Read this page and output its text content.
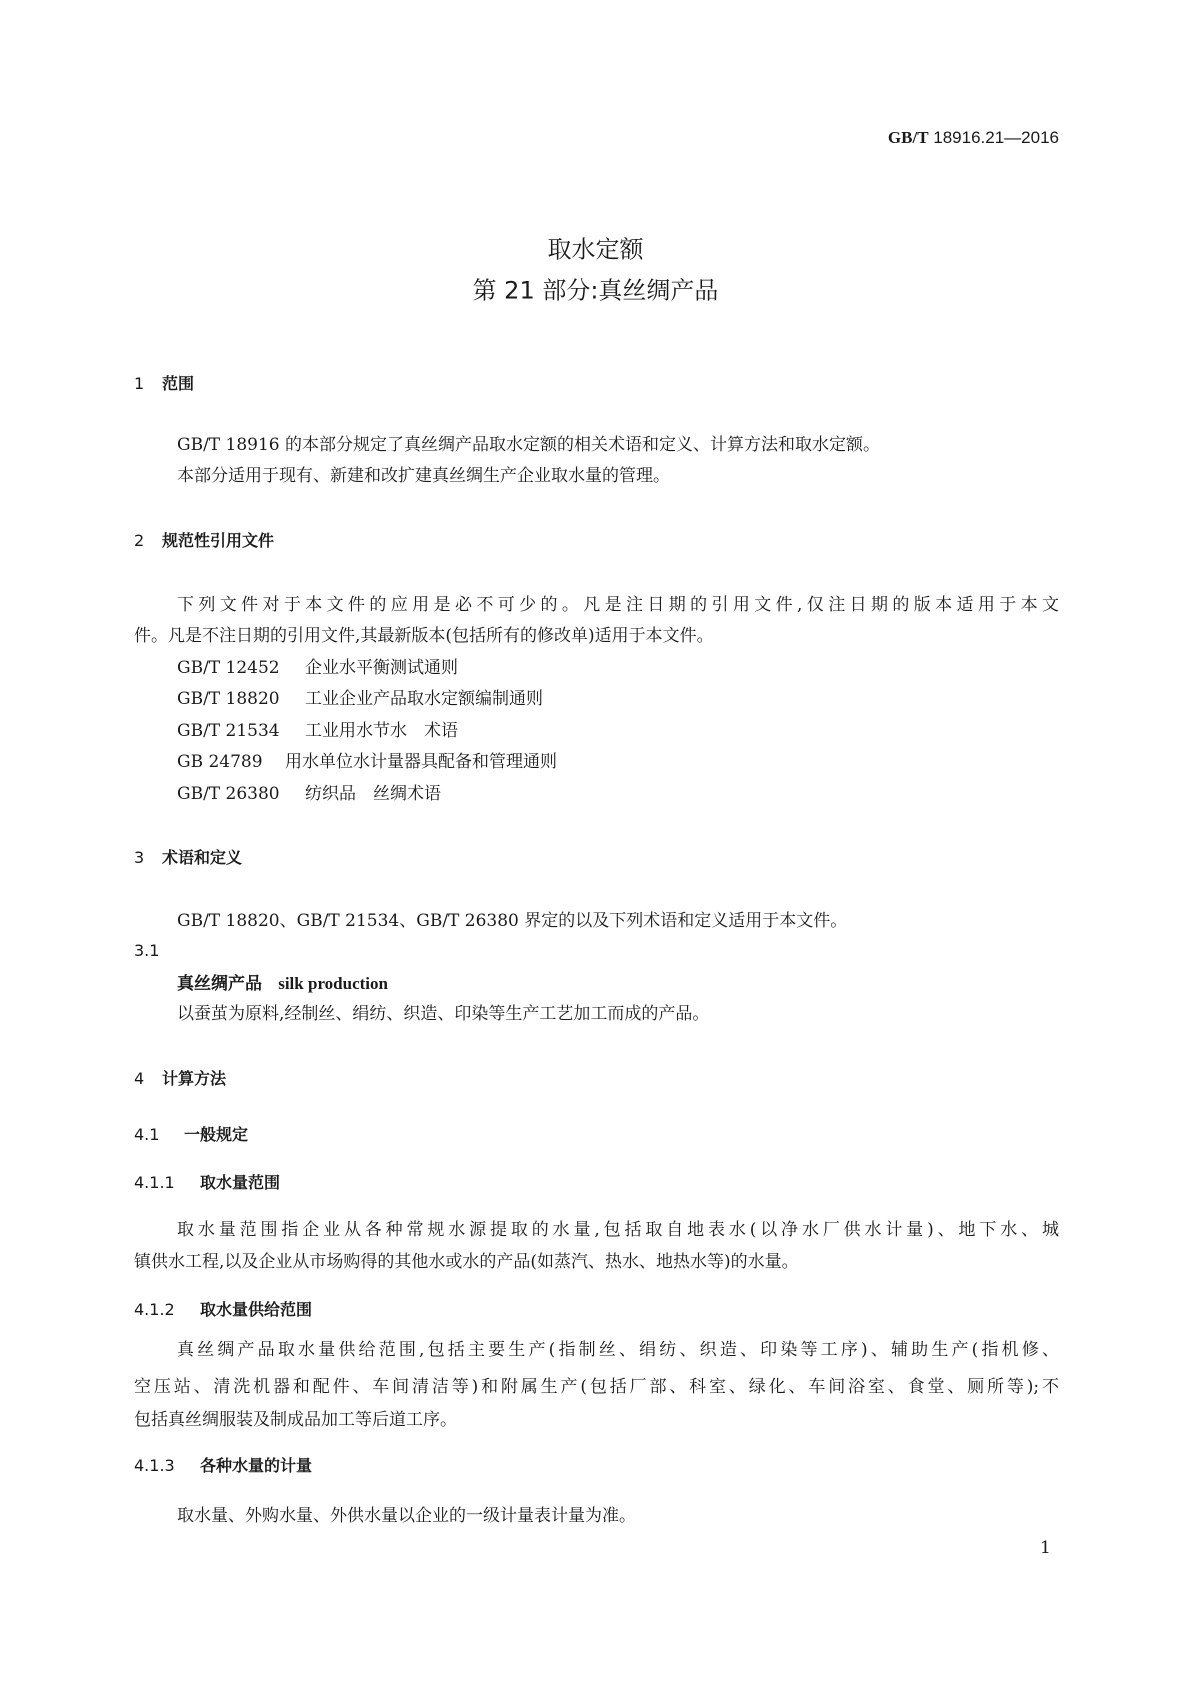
GB/T 18916.21—2016
取水定额
第 21 部分:真丝绸产品
1 范围
GB/T 18916 的本部分规定了真丝绸产品取水定额的相关术语和定义、计算方法和取水定额。
本部分适用于现有、新建和改扩建真丝绸生产企业取水量的管理。
2 规范性引用文件
下列文件对于本文件的应用是必不可少的。凡是注日期的引用文件,仅注日期的版本适用于本文
件。凡是不注日期的引用文件,其最新版本(包括所有的修改单)适用于本文件。
GB/T 12452 企业水平衡测试通则
GB/T 18820 工业企业产品取水定额编制通则
GB/T 21534 工业用水节水　术语
GB 24789 用水单位水计量器具配备和管理通则
GB/T 26380 纺织品　丝绸术语
3 术语和定义
GB/T 18820、GB/T 21534、GB/T 26380 界定的以及下列术语和定义适用于本文件。
3.1
真丝绸产品 silk production
以蚕茧为原料,经制丝、绢纺、织造、印染等生产工艺加工而成的产品。
4 计算方法
4.1 一般规定
4.1.1 取水量范围
取水量范围指企业从各种常规水源提取的水量,包括取自地表水(以净水厂供水计量)、地下水、城
镇供水工程,以及企业从市场购得的其他水或水的产品(如蒸汽、热水、地热水等)的水量。
4.1.2 取水量供给范围
真丝绸产品取水量供给范围,包括主要生产(指制丝、绢纺、织造、印染等工序)、辅助生产(指机修、
空压站、清洗机器和配件、车间清洁等)和附属生产(包括厂部、科室、绿化、车间浴室、食堂、厕所等);不
包括真丝绸服装及制成品加工等后道工序。
4.1.3 各种水量的计量
取水量、外购水量、外供水量以企业的一级计量表计量为准。
1
